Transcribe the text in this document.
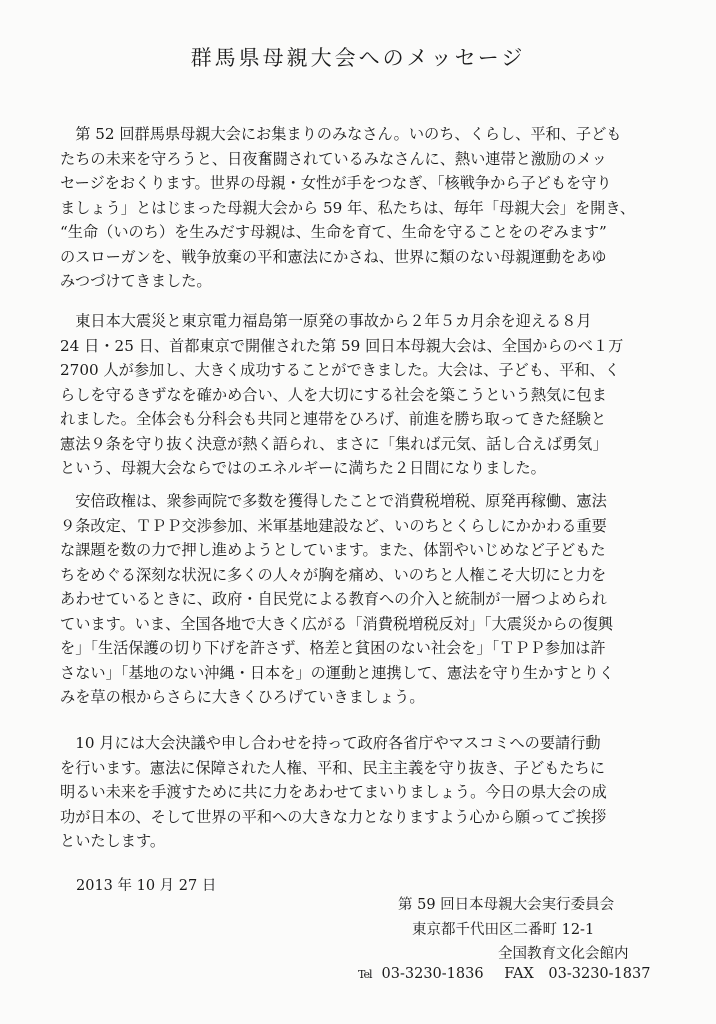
群馬県母親大会へのメッセージ
　第 52 回群馬県母親大会にお集まりのみなさん。いのち、くらし、平和、子ども
たちの未来を守ろうと、日夜奮闘されているみなさんに、熱い連帯と激励のメッ
セージをおくります。世界の母親・女性が手をつなぎ、「核戦争から子どもを守り
ましょう」とはじまった母親大会から 59 年、私たちは、毎年「母親大会」を開き、
“生命（いのち）を生みだす母親は、生命を育て、生命を守ることをのぞみます”
のスローガンを、戦争放棄の平和憲法にかさね、世界に類のない母親運動をあゆ
みつづけてきました。
　東日本大震災と東京電力福島第一原発の事故から２年５カ月余を迎える８月
24 日・25 日、首都東京で開催された第 59 回日本母親大会は、全国からのべ１万
2700 人が参加し、大きく成功することができました。大会は、子ども、平和、く
らしを守るきずなを確かめ合い、人を大切にする社会を築こうという熱気に包ま
れました。全体会も分科会も共同と連帯をひろげ、前進を勝ち取ってきた経験と
憲法９条を守り抜く決意が熱く語られ、まさに「集れば元気、話し合えば勇気」
という、母親大会ならではのエネルギーに満ちた２日間になりました。
　安倍政権は、衆参両院で多数を獲得したことで消費税増税、原発再稼働、憲法
９条改定、ＴＰＰ交渉参加、米軍基地建設など、いのちとくらしにかかわる重要
な課題を数の力で押し進めようとしています。また、体罰やいじめなど子どもた
ちをめぐる深刻な状況に多くの人々が胸を痛め、いのちと人権こそ大切にと力を
あわせているときに、政府・自民党による教育への介入と統制が一層つよめられ
ています。いま、全国各地で大きく広がる「消費税増税反対」「大震災からの復興
を」「生活保護の切り下げを許さず、格差と貧困のない社会を」「ＴＰＰ参加は許
さない」「基地のない沖縄・日本を」の運動と連携して、憲法を守り生かすとりく
みを草の根からさらに大きくひろげていきましょう。
　10 月には大会決議や申し合わせを持って政府各省庁やマスコミへの要請行動
を行います。憲法に保障された人権、平和、民主主義を守り抜き、子どもたちに
明るい未来を手渡すために共に力をあわせてまいりましょう。今日の県大会の成
功が日本の、そして世界の平和への大きな力となりますよう心から願ってご挨拶
といたします。
2013 年 10 月 27 日
第 59 回日本母親大会実行委員会
東京都千代田区二番町 12-1
全国教育文化会館内
Tel 03-3230-1836 FAX 03-3230-1837
